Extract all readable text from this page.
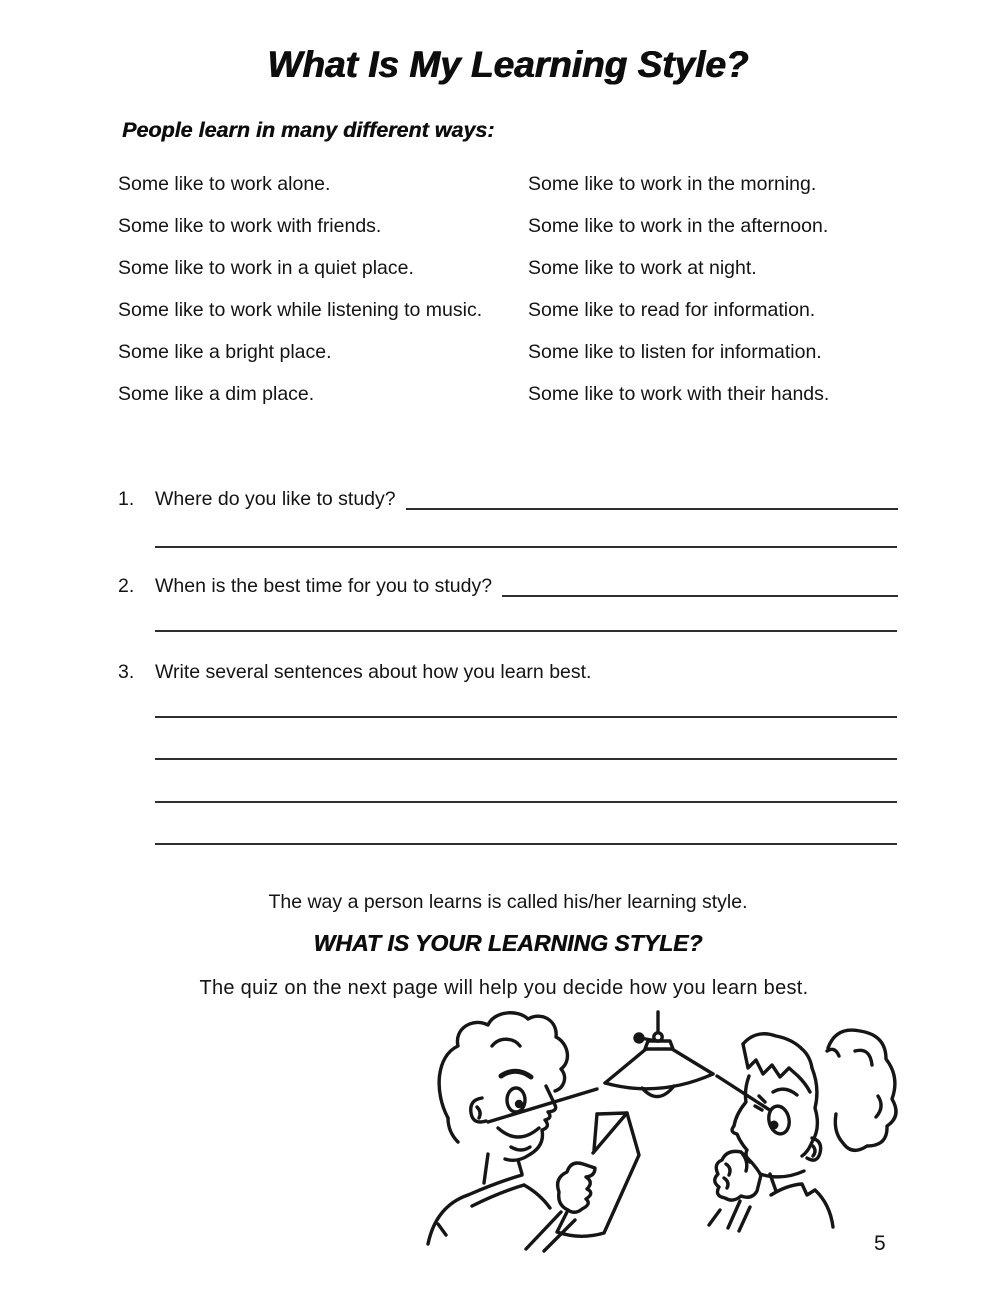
What Is My Learning Style?
People learn in many different ways:

Some like to work alone.

Some like to work with friends.

Some like to work in a quiet place.

Some like to work while listening to music.

Some like a bright place.

Some like a dim place.

Some like to work in the morning.

Some like to work in the afternoon.

Some like to work at night.

Some like to read for information.

Some like to listen for information.

Some like to work with their hands.

1.	Where do you like to study?
2.	When is the best time for you to study?
3.	Write several sentences about how you learn best.

The way a person learns is called his/her learning style.

WHAT IS YOUR LEARNING STYLE?

The quiz on the next page will help you decide how you learn best.

5
